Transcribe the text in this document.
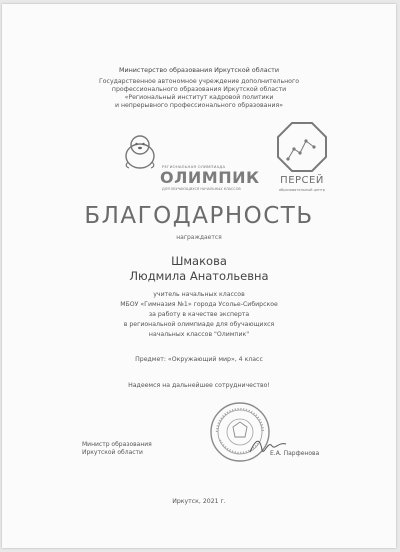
Министерство образования Иркутской области
Государственное автономное учреждение дополнительного
профессионального образования Иркутской области
«Региональный институт кадровой политики
и непрерывного профессионального образования»
РЕГИОНАЛЬНАЯ ОЛИМПИАДА
ОЛИМПИК
ДЛЯ ОБУЧАЮЩИХСЯ НАЧАЛЬНЫХ КЛАССОВ
ПЕРСЕЙ
образовательный центр
БЛАГОДАРНОСТЬ
награждается
Шмакова
Людмила Анатольевна
учитель начальных классов
МБОУ «Гимназия №1» города Усолье-Сибирское
за работу в качестве эксперта
в региональной олимпиаде для обучающихся
начальных классов "Олимпик"
Предмет: «Окружающий мир», 4 класс
Надеемся на дальнейшее сотрудничество!
Министр образования
Иркутской области	Е.А. Парфенова
Иркутск, 2021 г.
